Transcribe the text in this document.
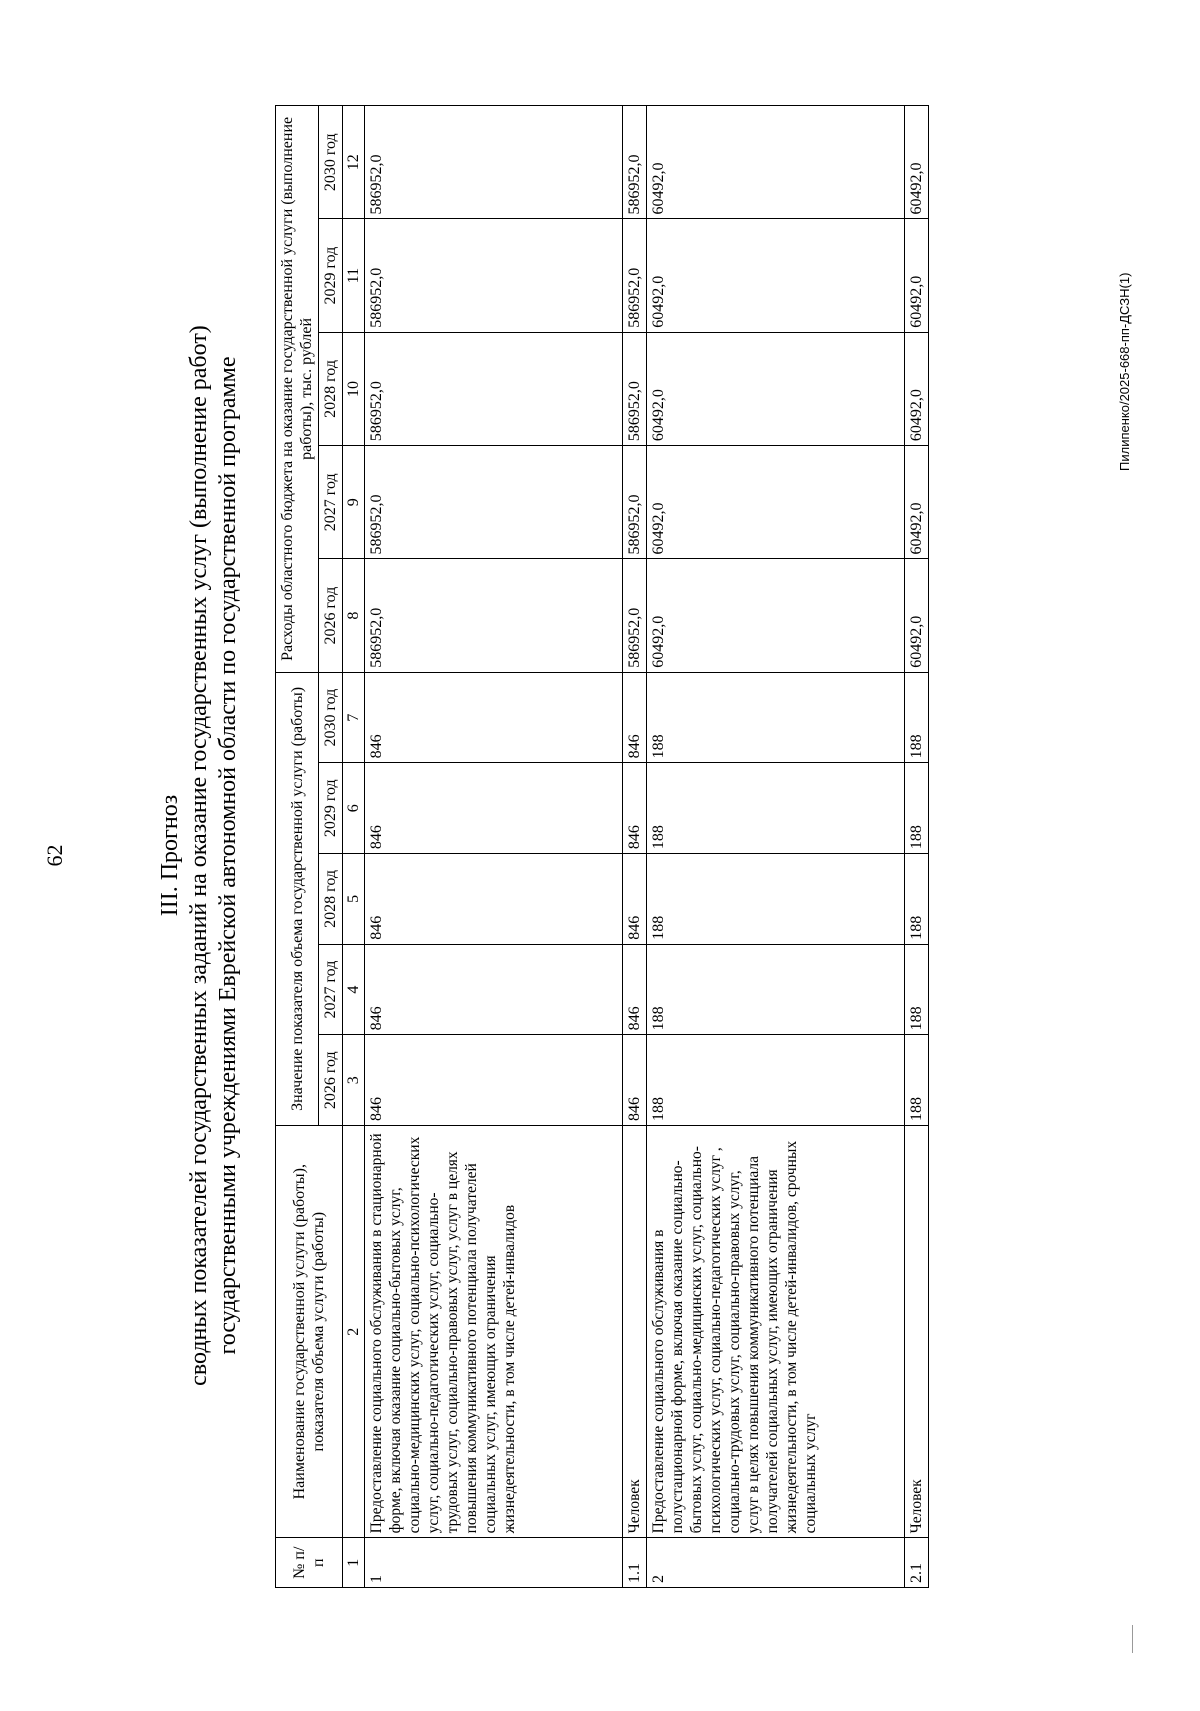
62	III. Прогноз сводных показателей государственных заданий на оказание государственных услуг (выполнение работ) государственными учреждениями Еврейской автономной области по государственной программе
№ п/п	Наименование государственной услуги (работы), показателя объема услуги (работы)	Значение показателя объема государственной услуги (работы)					Расходы областного бюджета на оказание государственной услуги (выполнение работы), тыс. рублей				
		2026 год	2027 год	2028 год	2029 год	2030 год	2026 год	2027 год	2028 год	2029 год	2030 год
1	2	3	4	5	6	7	8	9	10	11	12
1	Предоставление социального обслуживания в стационарной форме, включая оказание социально-бытовых услуг, социально-медицинских услуг, социально-психологических услуг, социально-педагогических услуг, социально-трудовых услуг, социально-правовых услуг, услуг в целях повышения коммуникативного потенциала получателей социальных услуг, имеющих ограничения жизнедеятельности, в том числе детей-инвалидов	846	846	846	846	846	586952,0	586952,0	586952,0	586952,0	586952,0
1.1	Человек	846	846	846	846	846	586952,0	586952,0	586952,0	586952,0	586952,0
2	Предоставление социального обслуживания в полустационарной форме, включая оказание социально-бытовых услуг, социально-медицинских услуг, социально-психологических услуг, социально-педагогических услуг , социально-трудовых услуг, социально-правовых услуг, услуг в целях повышения коммуникативного потенциала получателей социальных услуг, имеющих ограничения жизнедеятельности, в том числе детей-инвалидов, срочных социальных услуг	188	188	188	188	188	60492,0	60492,0	60492,0	60492,0	60492,0
2.1	Человек	188	188	188	188	188	60492,0	60492,0	60492,0	60492,0	60492,0
Пилипенко/2025-668-пп-ДСЗН(1)
